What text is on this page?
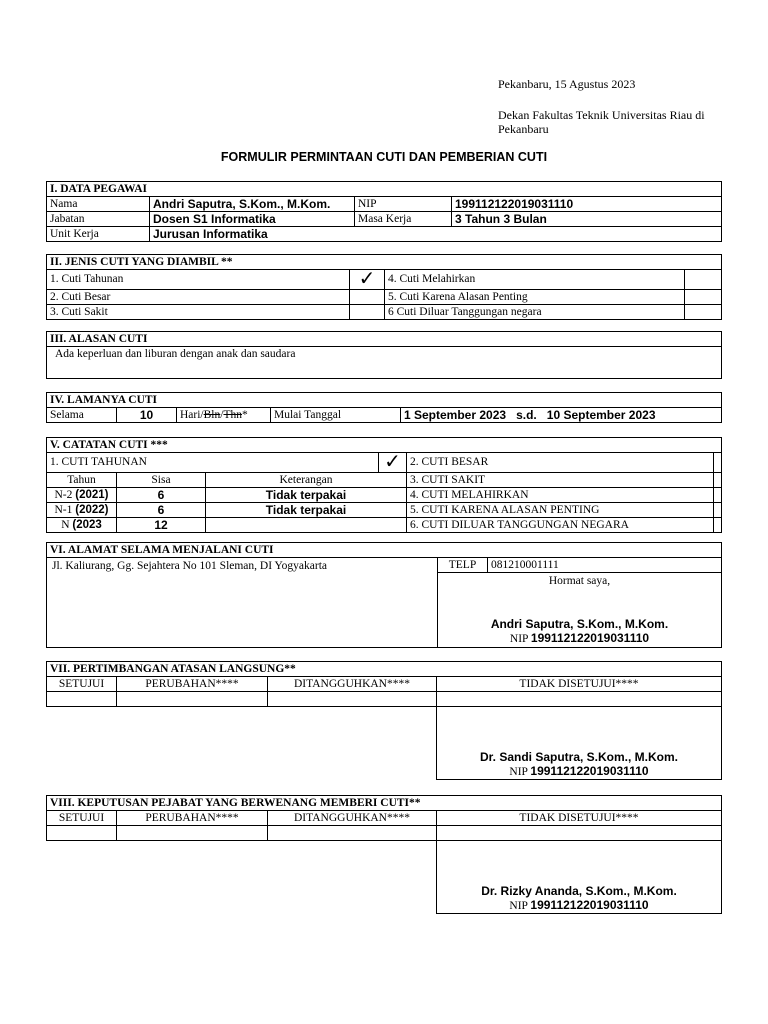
Pekanbaru, 15 Agustus 2023
Dekan Fakultas Teknik Universitas Riau di
Pekanbaru
FORMULIR PERMINTAAN CUTI DAN PEMBERIAN CUTI
I. DATA PEGAWAI			
Nama	Andri Saputra, S.Kom., M.Kom.	NIP	199112122019031110
Jabatan	Dosen S1 Informatika	Masa Kerja	3 Tahun 3 Bulan
Unit Kerja	Jurusan Informatika		
II. JENIS CUTI YANG DIAMBIL **			
1. Cuti Tahunan	✓	4. Cuti Melahirkan	
2. Cuti Besar		5. Cuti Karena Alasan Penting	
3. Cuti Sakit		6 Cuti Diluar Tanggungan negara	
III. ALASAN CUTI
Ada keperluan dan liburan dengan anak dan saudara
IV. LAMANYA CUTI
Selama	10	Hari/Bln/Thn*	Mulai Tanggal	1 September 2023 s.d. 10 September 2023
V. CATATAN CUTI ***					
1. CUTI TAHUNAN			✓	2. CUTI BESAR	
Tahun	Sisa	Keterangan		3. CUTI SAKIT	
N-2 (2021)	6	Tidak terpakai		4. CUTI MELAHIRKAN	
N-1 (2022)	6	Tidak terpakai		5. CUTI KARENA ALASAN PENTING	
N (2023	12			6. CUTI DILUAR TANGGUNGAN NEGARA	
VI. ALAMAT SELAMA MENJALANI CUTI
Jl. Kaliurang, Gg. Sejahtera No 101 Sleman, DI Yogyakarta	TELP	081210001111

Hormat saya,
Andri Saputra, S.Kom., M.Kom.
NIP 199112122019031110
VII. PERTIMBANGAN ATASAN LANGSUNG**			
SETUJUI	PERUBAHAN****	DITANGGUHKAN****	TIDAK DISETUJUI****

			Dr. Sandi Saputra, S.Kom., M.Kom.
NIP 199112122019031110
VIII. KEPUTUSAN PEJABAT YANG BERWENANG MEMBERI CUTI**			
SETUJUI	PERUBAHAN****	DITANGGUHKAN****	TIDAK DISETUJUI****

			Dr. Rizky Ananda, S.Kom., M.Kom.
NIP 199112122019031110
